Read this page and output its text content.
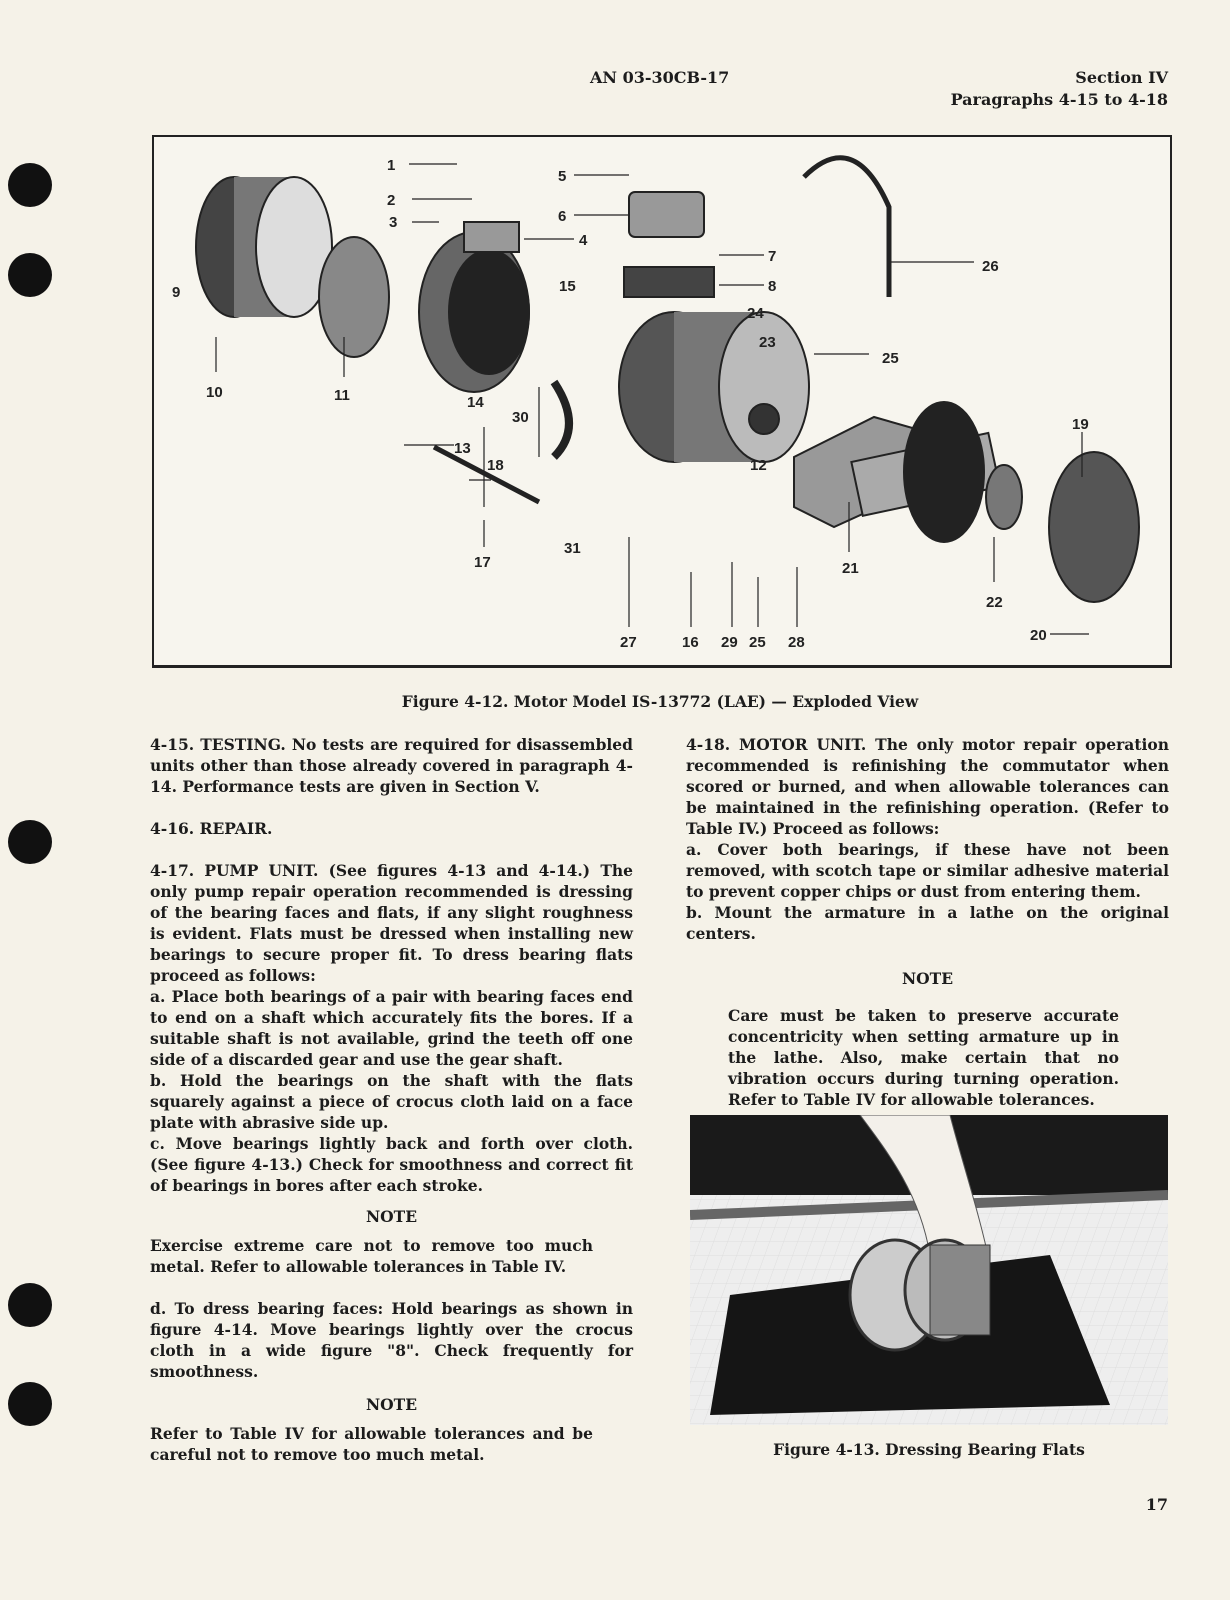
AN 03-30CB-17	Section IV
Paragraphs 4-15 to 4-18
1
2
3
4
5
6
7
8
9
10	11
12
13
14
15
16
17
18
19
20
21
22
23
24
25
25
26
27	28
29
30
31
Figure 4-12. Motor Model IS-13772 (LAE) — Exploded View

4-15. TESTING. No tests are required for disassembled units other than those already covered in paragraph 4-14. Performance tests are given in Section V.

4-16. REPAIR.

4-17. PUMP UNIT. (See figures 4-13 and 4-14.) The only pump repair operation recommended is dressing of the bearing faces and flats, if any slight roughness is evident. Flats must be dressed when installing new bearings to secure proper fit. To dress bearing flats proceed as follows:

a. Place both bearings of a pair with bearing faces end to end on a shaft which accurately fits the bores. If a suitable shaft is not available, grind the teeth off one side of a discarded gear and use the gear shaft.

b. Hold the bearings on the shaft with the flats squarely against a piece of crocus cloth laid on a face plate with abrasive side up.

c. Move bearings lightly back and forth over cloth. (See figure 4-13.) Check for smoothness and correct fit of bearings in bores after each stroke.

NOTE

Exercise extreme care not to remove too much metal. Refer to allowable tolerances in Table IV.

d. To dress bearing faces: Hold bearings as shown in figure 4-14. Move bearings lightly over the crocus cloth in a wide figure "8". Check frequently for smoothness.

NOTE

Refer to Table IV for allowable tolerances and be careful not to remove too much metal.

4-18. MOTOR UNIT. The only motor repair operation recommended is refinishing the commutator when scored or burned, and when allowable tolerances can be maintained in the refinishing operation. (Refer to Table IV.) Proceed as follows:

a. Cover both bearings, if these have not been removed, with scotch tape or similar adhesive material to prevent copper chips or dust from entering them.

b. Mount the armature in a lathe on the original centers.

NOTE

Care must be taken to preserve accurate concentricity when setting armature up in the lathe. Also, make certain that no vibration occurs during turning operation. Refer to Table IV for allowable tolerances.

Figure 4-13. Dressing Bearing Flats
17
